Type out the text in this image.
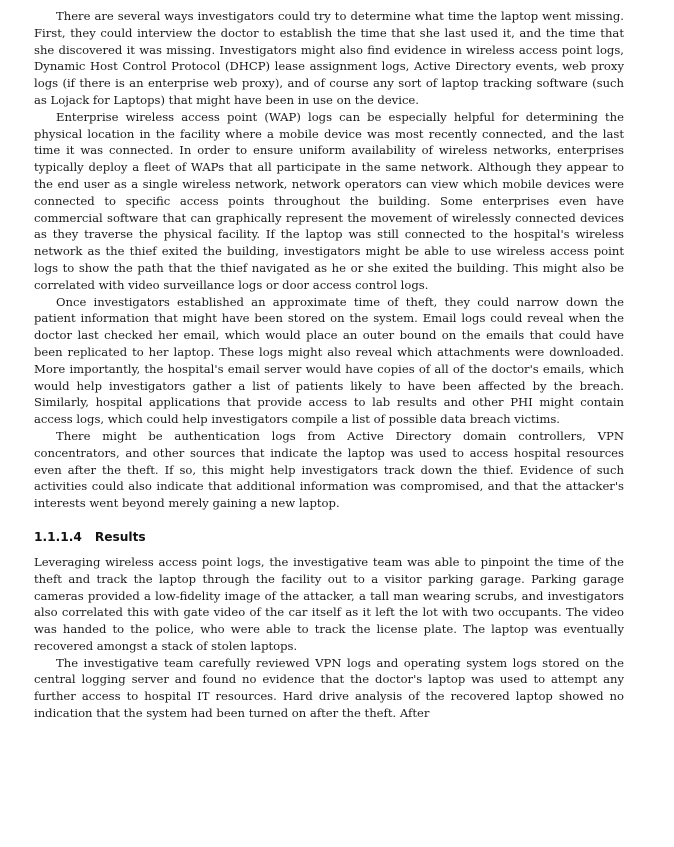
There are several ways investigators could try to determine what time the laptop went missing. First, they could interview the doctor to establish the time that she last used it, and the time that she discovered it was missing. Investigators might also find evidence in wireless access point logs, Dynamic Host Control Protocol (DHCP) lease assignment logs, Active Directory events, web proxy logs (if there is an enterprise web proxy), and of course any sort of laptop tracking software (such as Lojack for Laptops) that might have been in use on the device.

Enterprise wireless access point (WAP) logs can be especially helpful for determining the physical location in the facility where a mobile device was most recently connected, and the last time it was connected. In order to ensure uniform availability of wireless networks, enterprises typically deploy a fleet of WAPs that all participate in the same network. Although they appear to the end user as a single wireless network, network operators can view which mobile devices were connected to specific access points throughout the building. Some enterprises even have commercial software that can graphically represent the movement of wirelessly connected devices as they traverse the physical facility. If the laptop was still connected to the hospital's wireless network as the thief exited the building, investigators might be able to use wireless access point logs to show the path that the thief navigated as he or she exited the building. This might also be correlated with video surveillance logs or door access control logs.

Once investigators established an approximate time of theft, they could narrow down the patient information that might have been stored on the system. Email logs could reveal when the doctor last checked her email, which would place an outer bound on the emails that could have been replicated to her laptop. These logs might also reveal which attachments were downloaded. More importantly, the hospital's email server would have copies of all of the doctor's emails, which would help investigators gather a list of patients likely to have been affected by the breach. Similarly, hospital applications that provide access to lab results and other PHI might contain access logs, which could help investigators compile a list of possible data breach victims.

There might be authentication logs from Active Directory domain controllers, VPN concentrators, and other sources that indicate the laptop was used to access hospital resources even after the theft. If so, this might help investigators track down the thief. Evidence of such activities could also indicate that additional information was compromised, and that the attacker's interests went beyond merely gaining a new laptop.

1.1.1.4 Results

Leveraging wireless access point logs, the investigative team was able to pinpoint the time of the theft and track the laptop through the facility out to a visitor parking garage. Parking garage cameras provided a low-fidelity image of the attacker, a tall man wearing scrubs, and investigators also correlated this with gate video of the car itself as it left the lot with two occupants. The video was handed to the police, who were able to track the license plate. The laptop was eventually recovered amongst a stack of stolen laptops.

The investigative team carefully reviewed VPN logs and operating system logs stored on the central logging server and found no evidence that the doctor's laptop was used to attempt any further access to hospital IT resources. Hard drive analysis of the recovered laptop showed no indication that the system had been turned on after the theft. After
